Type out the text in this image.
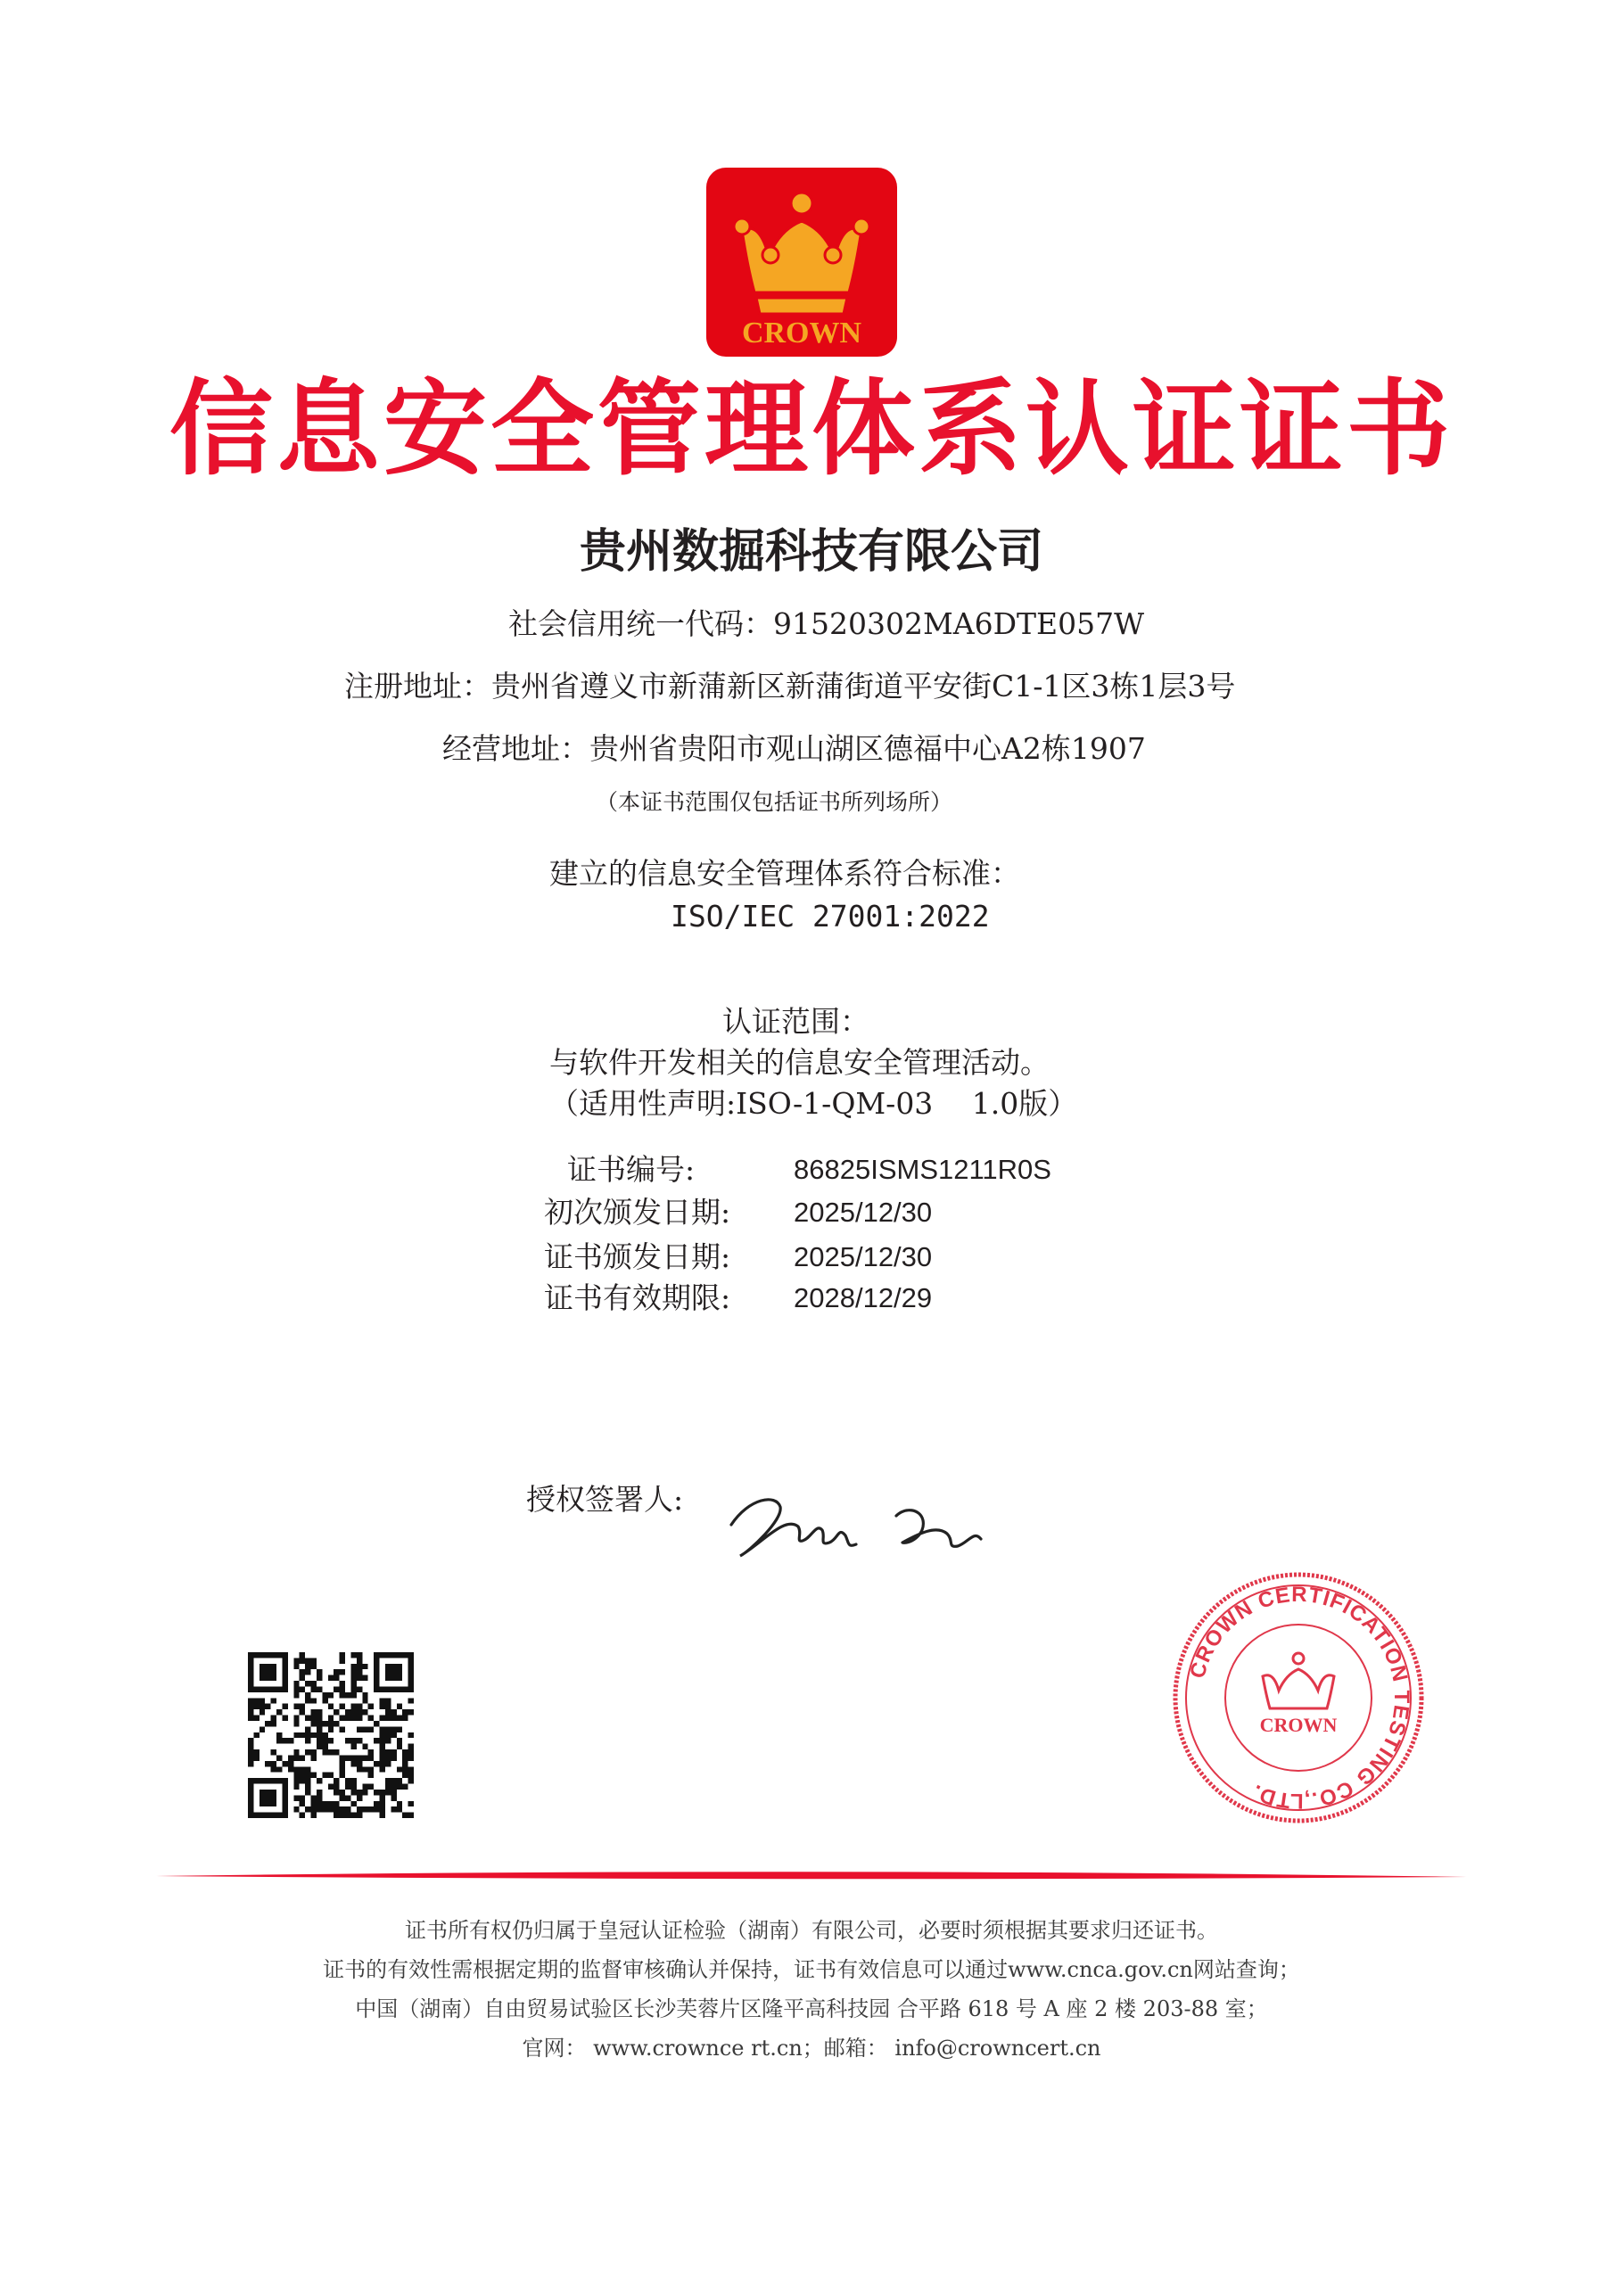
CROWN
信息安全管理体系认证证书
贵州数掘科技有限公司
社会信用统一代码：91520302MA6DTE057W
注册地址：贵州省遵义市新蒲新区新蒲街道平安街C1-1区3栋1层3号
经营地址：贵州省贵阳市观山湖区德福中心A2栋1907
（本证书范围仅包括证书所列场所）
建立的信息安全管理体系符合标准：
ISO/IEC 27001:2022
认证范围：
与软件开发相关的信息安全管理活动。
（适用性声明:ISO-1-QM-03　 1.0版）
证书编号:	86825ISMS1211R0S
初次颁发日期: 2025/12/30
证书颁发日期: 2025/12/30
证书有效期限: 2028/12/29
授权签署人:
CROWN CERTIFICATION TESTING CO.,LTD.
CROWN
证书所有权仍归属于皇冠认证检验（湖南）有限公司，必要时须根据其要求归还证书。
证书的有效性需根据定期的监督审核确认并保持，证书有效信息可以通过www.cnca.gov.cn网站查询；
中国（湖南）自由贸易试验区长沙芙蓉片区隆平高科技园 合平路 618 号 A 座 2 楼 203-88 室；
官网： www.crownce rt.cn；邮箱： info@crowncert.cn
